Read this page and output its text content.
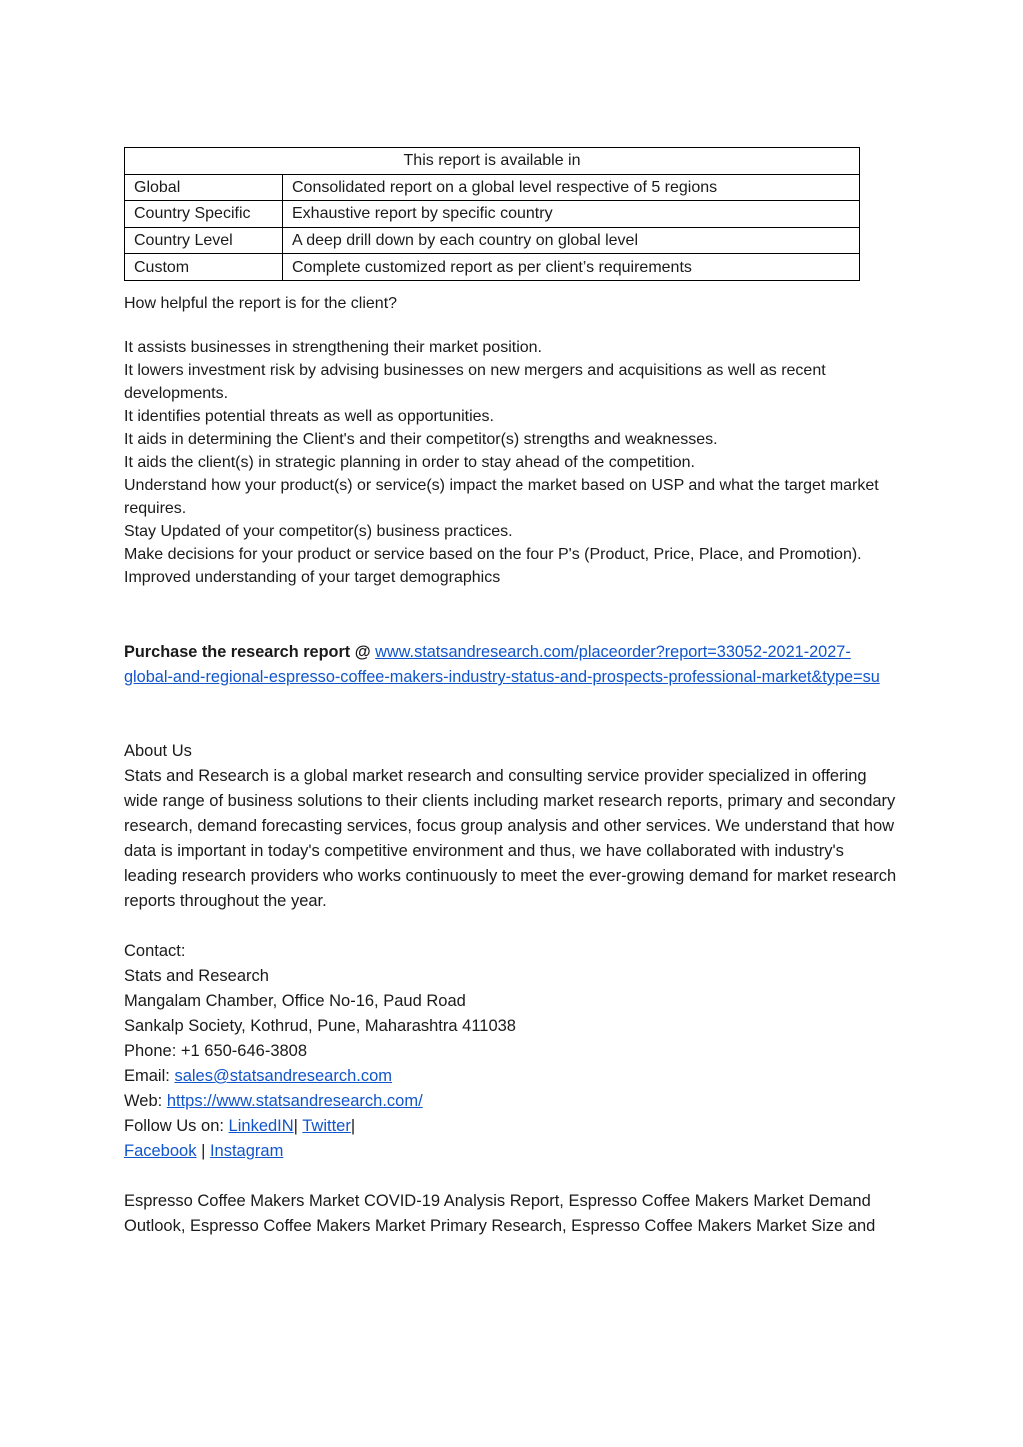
This report is available in	
Global	Consolidated report on a global level respective of 5 regions
Country Specific	Exhaustive report by specific country
Country Level	A deep drill down by each country on global level
Custom	Complete customized report as per client’s requirements

How helpful the report is for the client?

It assists businesses in strengthening their market position.
It lowers investment risk by advising businesses on new mergers and acquisitions as well as recent developments.
It identifies potential threats as well as opportunities.
It aids in determining the Client's and their competitor(s) strengths and weaknesses.
It aids the client(s) in strategic planning in order to stay ahead of the competition.
Understand how your product(s) or service(s) impact the market based on USP and what the target market requires.
Stay Updated of your competitor(s) business practices.
Make decisions for your product or service based on the four P's (Product, Price, Place, and Promotion).
Improved understanding of your target demographics
Purchase the research report @ www.statsandresearch.com/placeorder?report=33052-2021-2027-global-and-regional-espresso-coffee-makers-industry-status-and-prospects-professional-market&type=su
About Us
Stats and Research is a global market research and consulting service provider specialized in offering wide range of business solutions to their clients including market research reports, primary and secondary research, demand forecasting services, focus group analysis and other services. We understand that how data is important in today's competitive environment and thus, we have collaborated with industry's leading research providers who works continuously to meet the ever-growing demand for market research reports throughout the year.
Contact:
Stats and Research
Mangalam Chamber, Office No-16, Paud Road
Sankalp Society, Kothrud, Pune, Maharashtra 411038
Phone: +1 650-646-3808
Email: sales@statsandresearch.com
Web: https://www.statsandresearch.com/
Follow Us on: LinkedIN| Twitter|
Facebook | Instagram
Espresso Coffee Makers Market COVID-19 Analysis Report, Espresso Coffee Makers Market Demand Outlook, Espresso Coffee Makers Market Primary Research, Espresso Coffee Makers Market Size and
